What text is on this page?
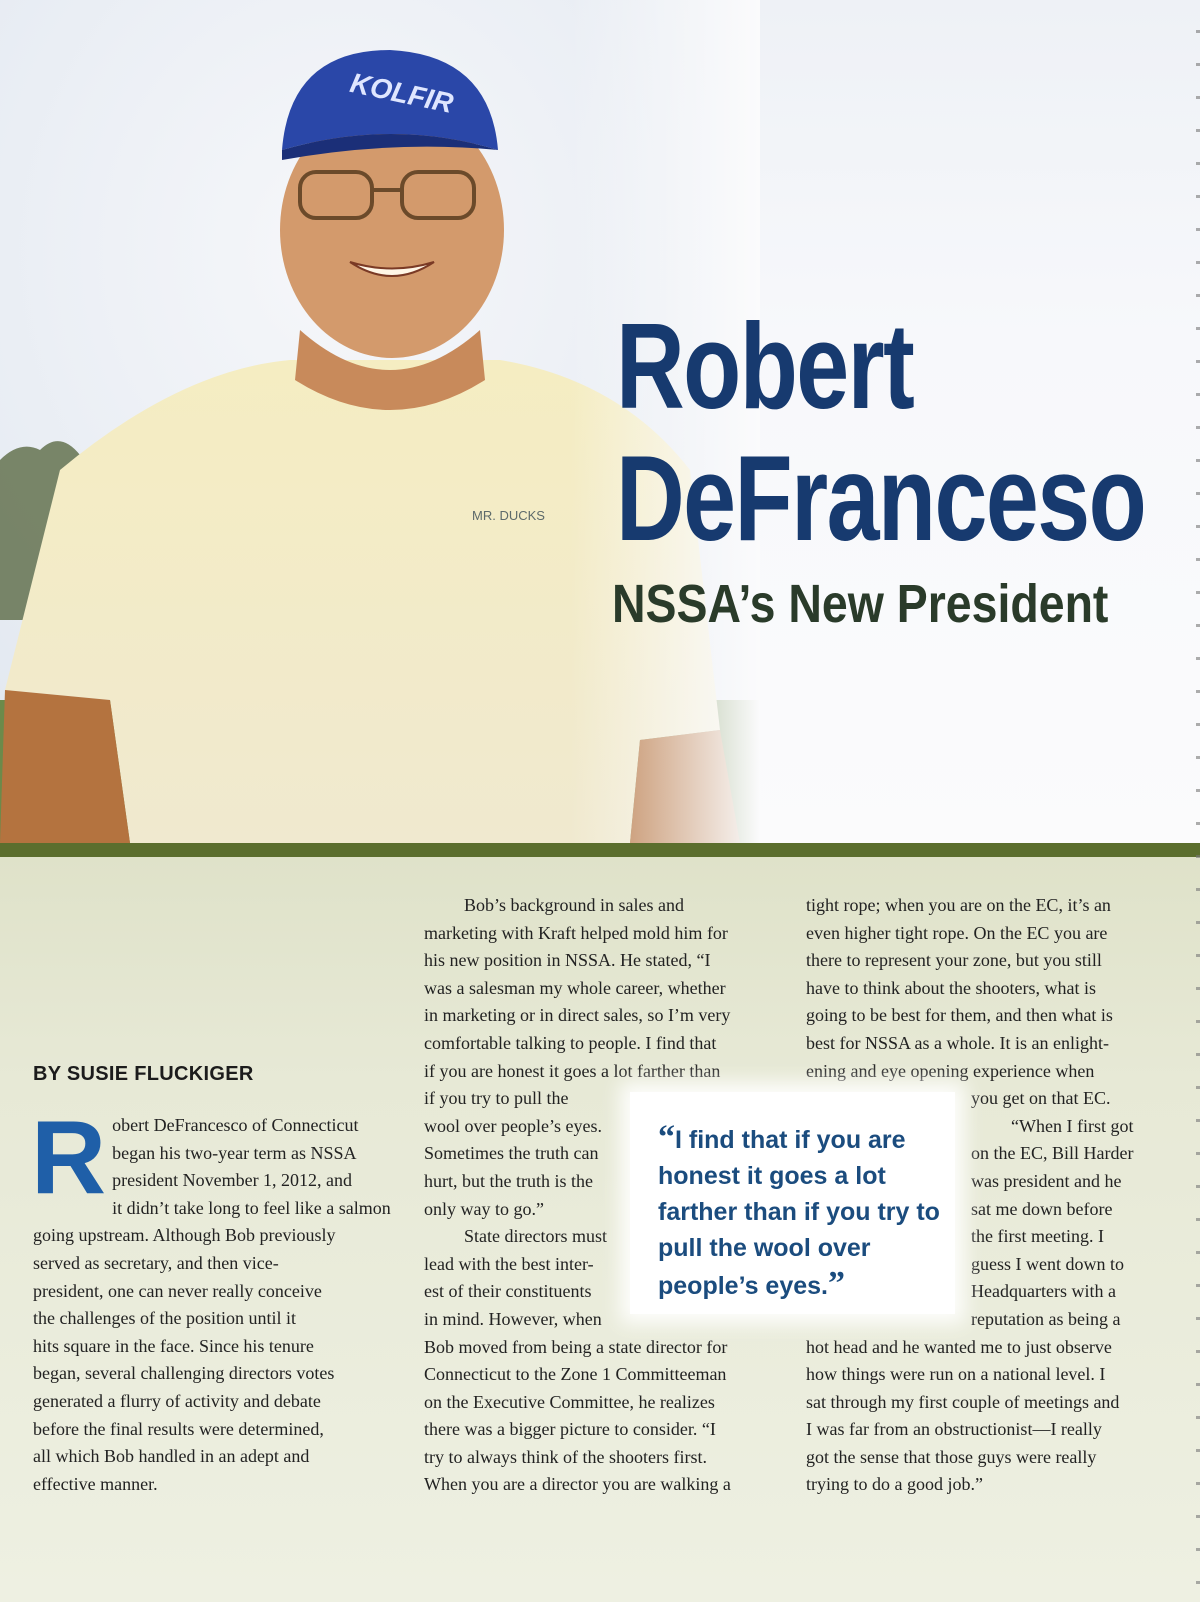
Robert
DeFranceso
NSSA’s New President
BY SUSIE FLUCKIGER
R obert DeFrancesco of Connecticut

began his two-year term as NSSA

president November 1, 2012, and

it didn’t take long to feel like a salmon

going upstream. Although Bob previously

served as secretary, and then vice-

president, one can never really conceive

the challenges of the position until it

hits square in the face. Since his tenure

began, several challenging directors votes

generated a flurry of activity and debate

before the final results were determined,

all which Bob handled in an adept and

effective manner.

Bob’s background in sales and

marketing with Kraft helped mold him for

his new position in NSSA. He stated, “I

was a salesman my whole career, whether

in marketing or in direct sales, so I’m very

comfortable talking to people. I find that

if you are honest it goes a lot farther than

if you try to pull the

wool over people’s eyes.

Sometimes the truth can

hurt, but the truth is the

only way to go.”

State directors must

lead with the best inter-

est of their constituents

in mind. However, when

Bob moved from being a state director for

Connecticut to the Zone 1 Committeeman

on the Executive Committee, he realizes

there was a bigger picture to consider. “I

try to always think of the shooters first.

When you are a director you are walking a

tight rope; when you are on the EC, it’s an

even higher tight rope. On the EC you are

there to represent your zone, but you still

have to think about the shooters, what is

going to be best for them, and then what is

best for NSSA as a whole. It is an enlight-

ening and eye opening experience when

you get on that EC.

“When I first got

on the EC, Bill Harder

was president and he

sat me down before

the first meeting. I

guess I went down to

Headquarters with a

reputation as being a

hot head and he wanted me to just observe

how things were run on a national level. I

sat through my first couple of meetings and

I was far from an obstructionist—I really

got the sense that those guys were really

trying to do a good job.”

“I find that if you are honest it goes a lot farther than if you try to pull the wool over people’s eyes.”
